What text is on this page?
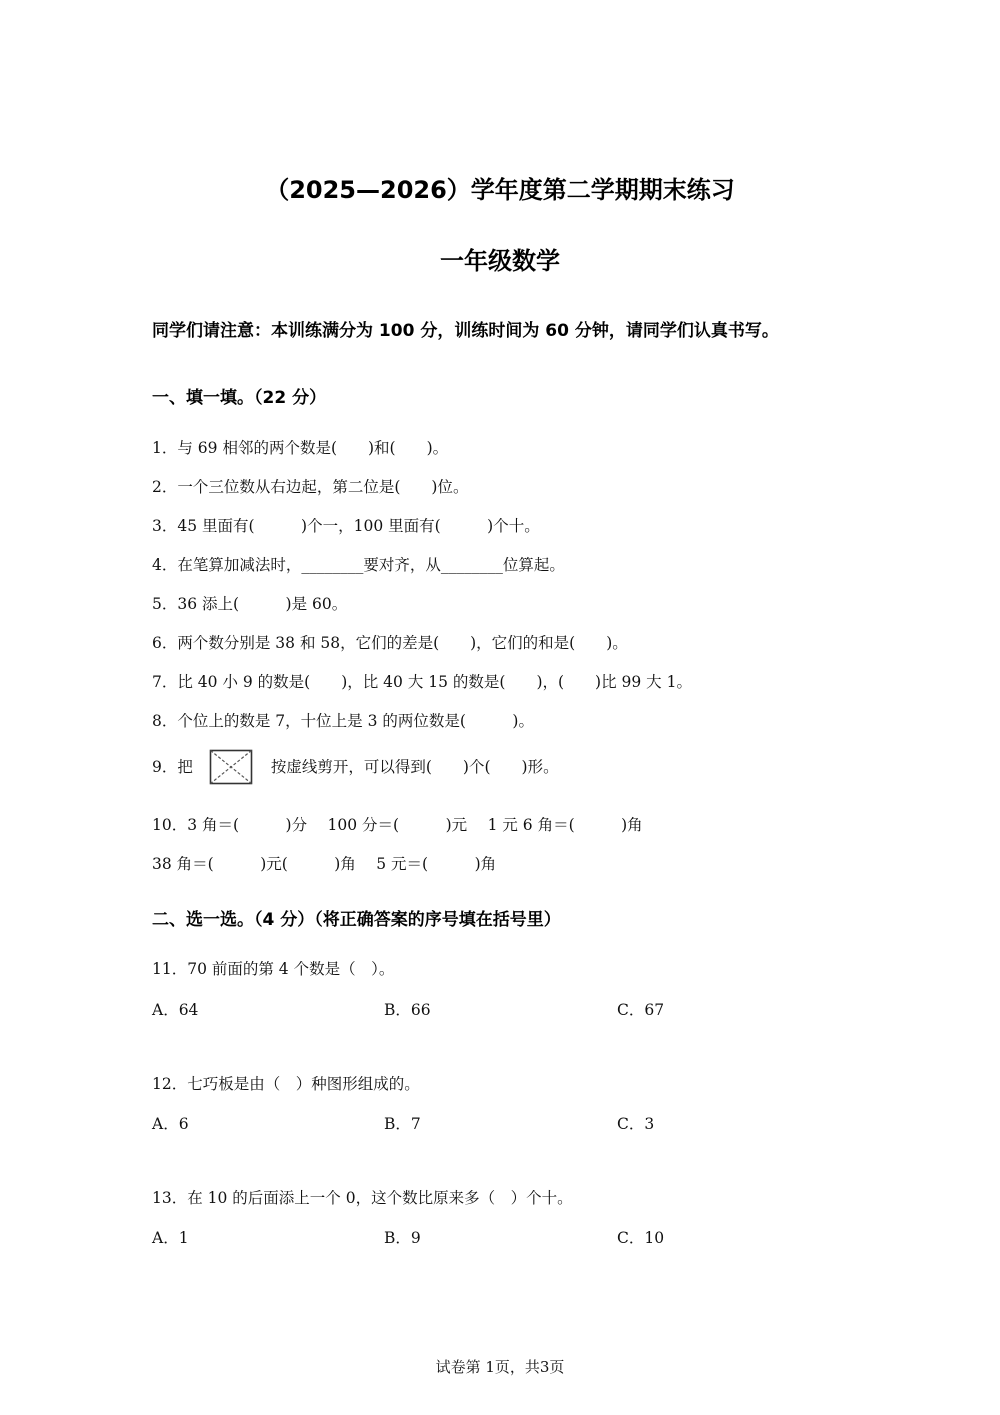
（2025—2026）学年度第二学期期末练习
一年级数学
同学们请注意：本训练满分为 100 分，训练时间为 60 分钟，请同学们认真书写。
一、填一填。（22 分）
1．与 69 相邻的两个数是(　　)和(　　)。
2．一个三位数从右边起，第二位是(　　)位。
3．45 里面有(　　　)个一，100 里面有(　　　)个十。
4．在笔算加减法时，________要对齐，从________位算起。
5．36 添上(　　　)是 60。
6．两个数分别是 38 和 58，它们的差是(　　)，它们的和是(　　)。
7．比 40 小 9 的数是(　　)，比 40 大 15 的数是(　　)，(　　)比 99 大 1。
8．个位上的数是 7，十位上是 3 的两位数是(　　　)。
9．把	按虚线剪开，可以得到(　　)个(　　)形。
10．3 角＝(　　　)分　 100 分＝(　　　)元　 1 元 6 角＝(　　　)角
38 角＝(　　　)元(　　　)角　 5 元＝(　　　)角
二、选一选。（4 分）（将正确答案的序号填在括号里）
11．70 前面的第 4 个数是（　）。
A．64	B．66	C．67
12．七巧板是由（　）种图形组成的。
A．6	B．7	C．3
13．在 10 的后面添上一个 0，这个数比原来多（　）个十。
A．1	B．9	C．10
试卷第 1页，共3页
